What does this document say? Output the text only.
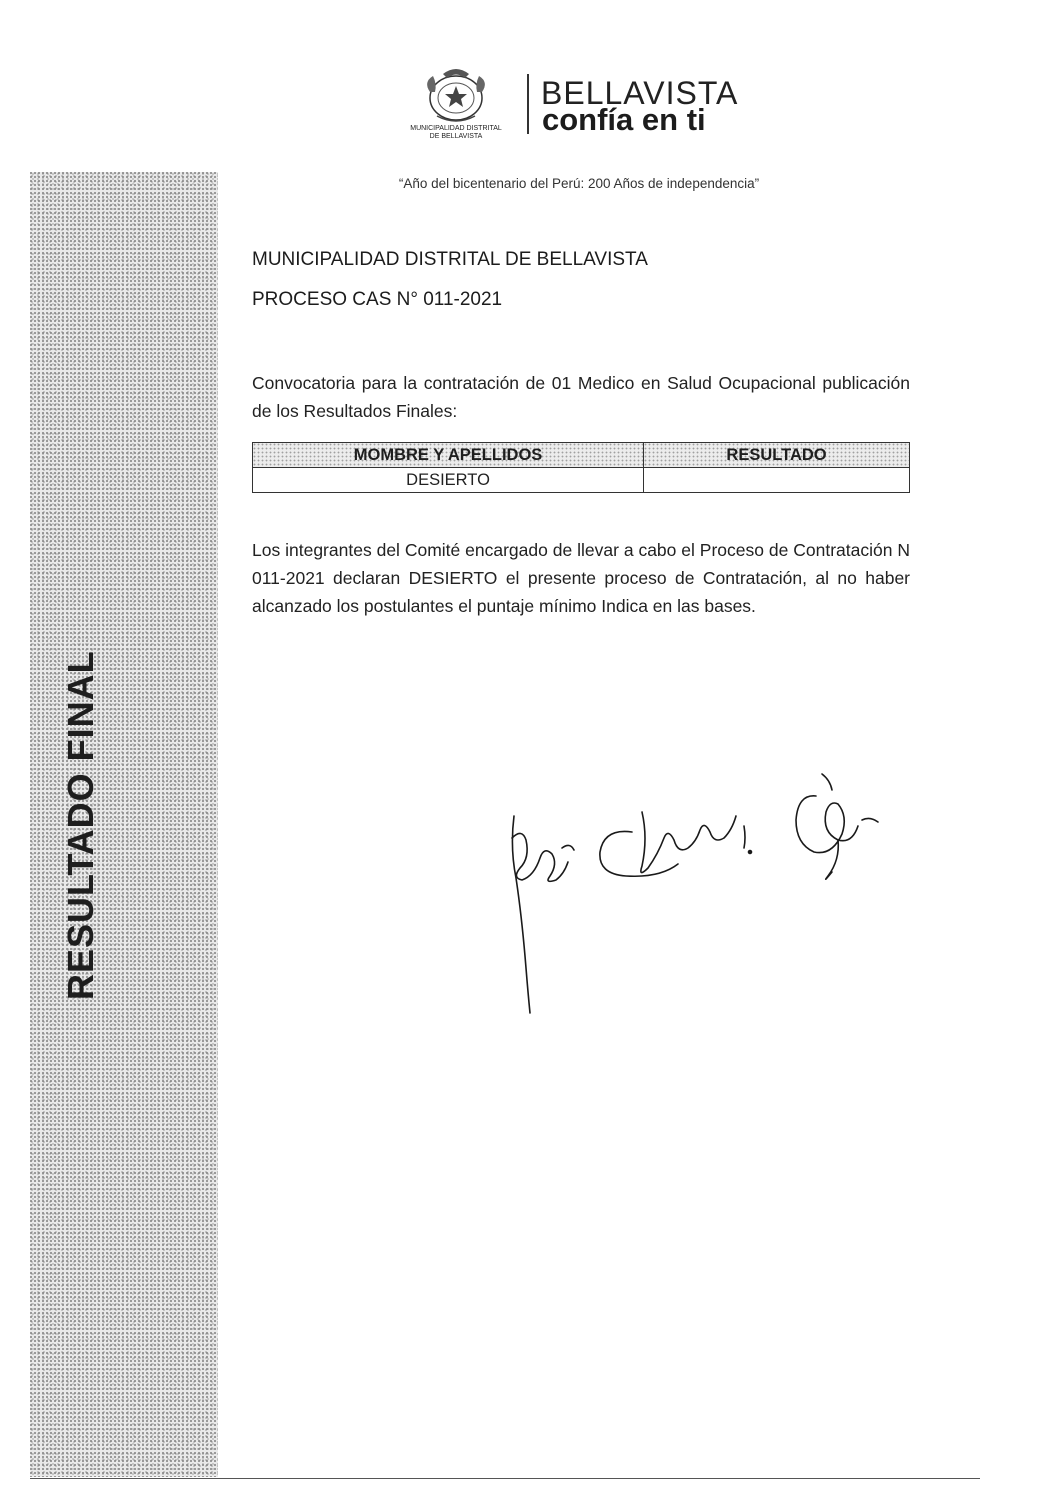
RESULTADO FINAL
MUNICIPALIDAD DISTRITAL
DE BELLAVISTA
BELLAVISTA
confía en ti
“Año del bicentenario del Perú: 200 Años de independencia”
MUNICIPALIDAD DISTRITAL DE BELLAVISTA
PROCESO CAS N° 011-2021
Convocatoria para la contratación de 01 Medico en Salud Ocupacional publicación de los Resultados Finales:
MOMBRE Y APELLIDOS	RESULTADO
DESIERTO	
Los integrantes del Comité encargado de llevar a cabo el Proceso de Contratación N 011-2021 declaran DESIERTO el presente proceso de Contratación, al no haber alcanzado los postulantes el puntaje mínimo Indica en las bases.
